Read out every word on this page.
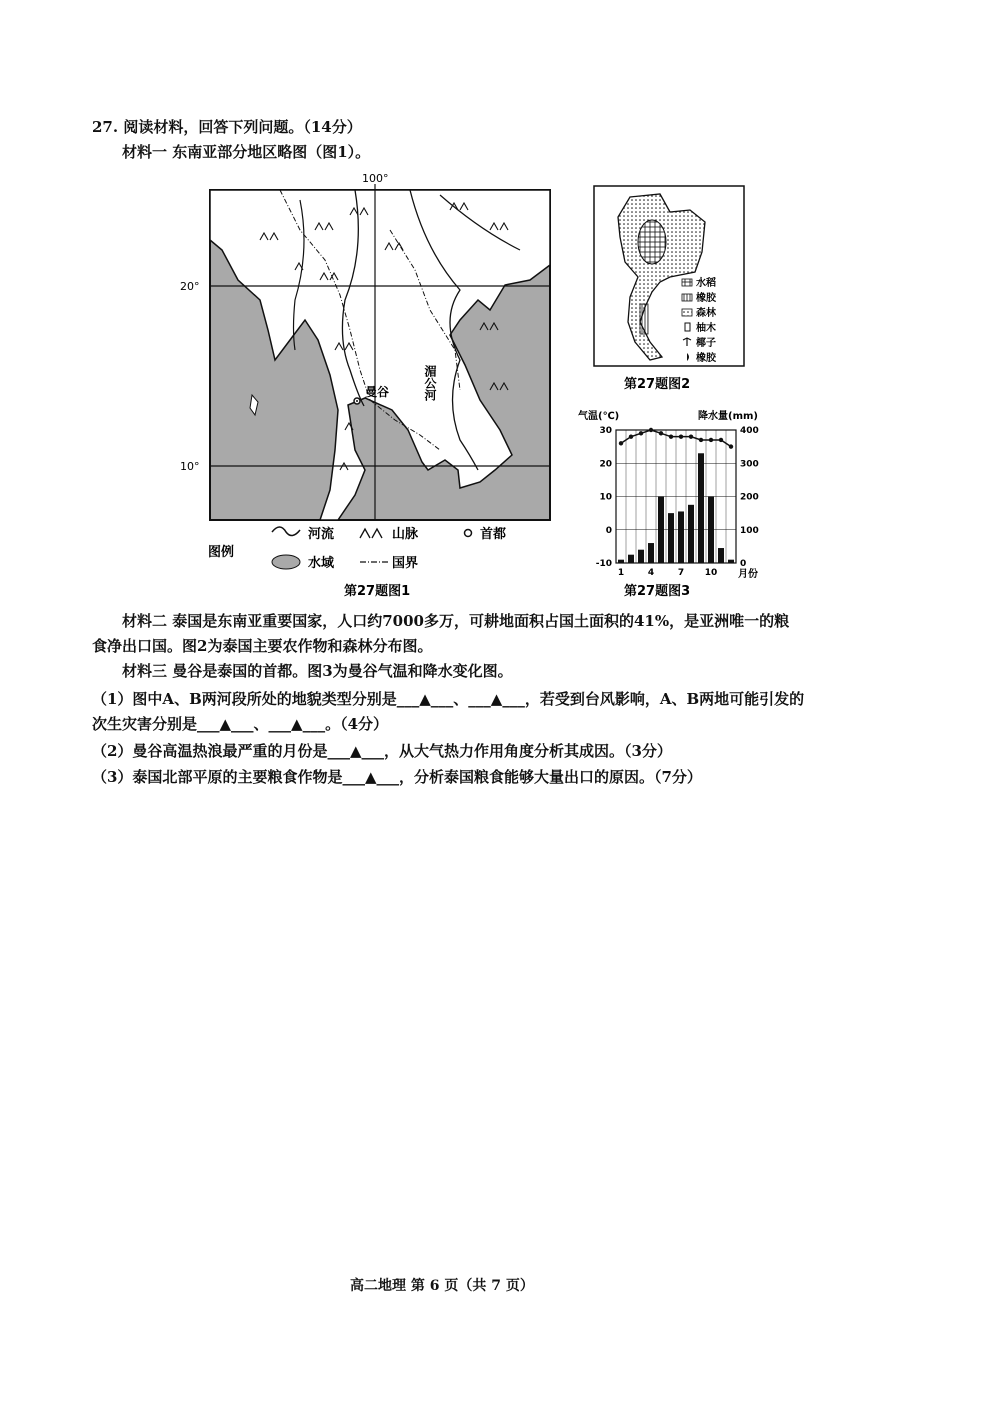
27. 阅读材料，回答下列问题。（14分）
材料一 东南亚部分地区略图（图1）。
100°
20°
10°
曼谷	湄公河
图例
河流	山脉	首都
水域	国界
第27题图1
水稻
橡胶
森林
柚木
椰子
橡胶
第27题图2
气温(℃)	降水量(mm)
30
20
10
0
-10
400
300
200
100
0
1	4	7 10 月份
第27题图3
材料二 泰国是东南亚重要国家，人口约7000多万，可耕地面积占国土面积的41%，是亚洲唯一的粮
食净出口国。图2为泰国主要农作物和森林分布图。
材料三 曼谷是泰国的首都。图3为曼谷气温和降水变化图。
（1）图中A、B两河段所处的地貌类型分别是___▲___、___▲___，若受到台风影响，A、B两地可能引发的
次生灾害分别是___▲___、___▲___。（4分）
（2）曼谷高温热浪最严重的月份是___▲___，从大气热力作用角度分析其成因。（3分）
（3）泰国北部平原的主要粮食作物是___▲___，分析泰国粮食能够大量出口的原因。（7分）
高二地理 第 6 页（共 7 页）
